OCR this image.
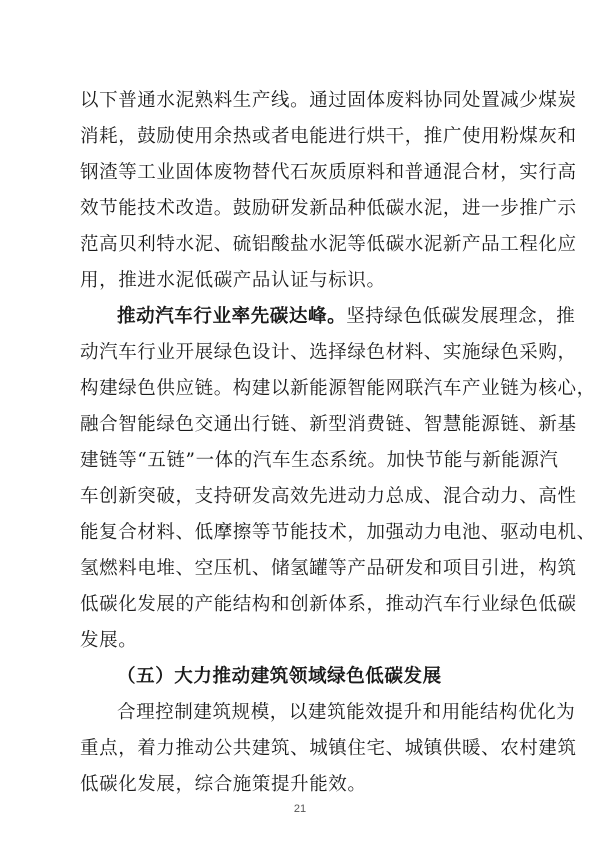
以下普通水泥熟料生产线。通过固体废料协同处置减少煤炭
消耗，鼓励使用余热或者电能进行烘干，推广使用粉煤灰和
钢渣等工业固体废物替代石灰质原料和普通混合材，实行高
效节能技术改造。鼓励研发新品种低碳水泥，进一步推广示
范高贝利特水泥、硫铝酸盐水泥等低碳水泥新产品工程化应
用，推进水泥低碳产品认证与标识。
推动汽车行业率先碳达峰。坚持绿色低碳发展理念，推
动汽车行业开展绿色设计、选择绿色材料、实施绿色采购，
构建绿色供应链。构建以新能源智能网联汽车产业链为核心，
融合智能绿色交通出行链、新型消费链、智慧能源链、新基
建链等“五链”一体的汽车生态系统。加快节能与新能源汽
车创新突破，支持研发高效先进动力总成、混合动力、高性
能复合材料、低摩擦等节能技术，加强动力电池、驱动电机、
氢燃料电堆、空压机、储氢罐等产品研发和项目引进，构筑
低碳化发展的产能结构和创新体系，推动汽车行业绿色低碳
发展。
（五）大力推动建筑领域绿色低碳发展
合理控制建筑规模，以建筑能效提升和用能结构优化为
重点，着力推动公共建筑、城镇住宅、城镇供暖、农村建筑
低碳化发展，综合施策提升能效。
21
